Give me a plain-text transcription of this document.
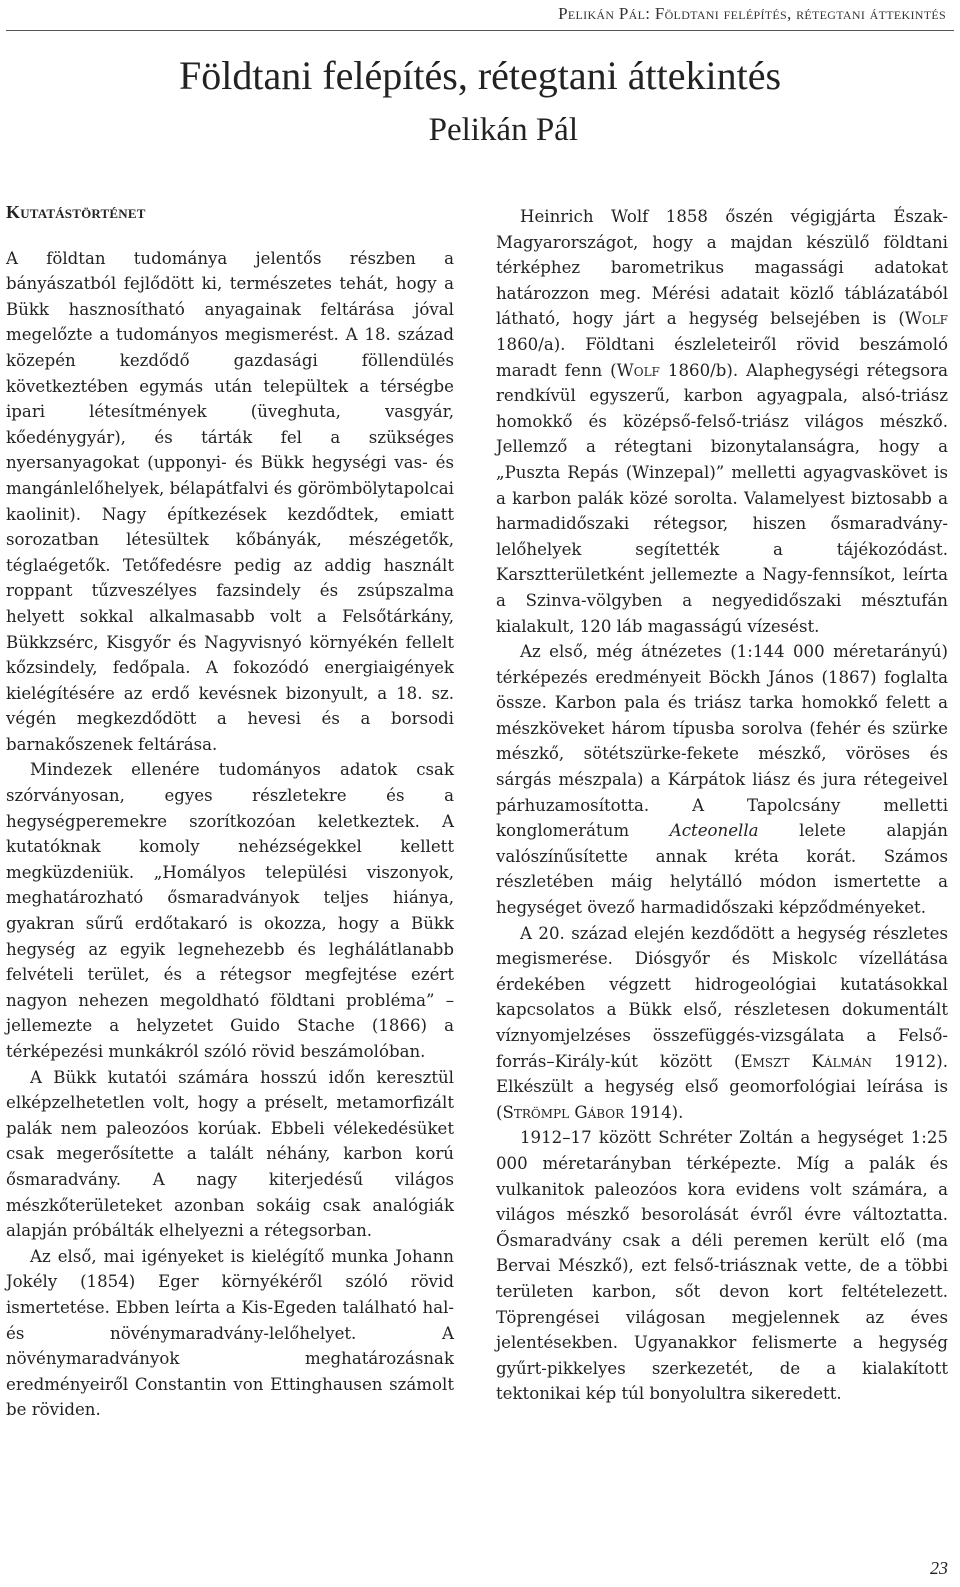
Pelikán Pál: Földtani felépítés, rétegtani áttekintés
Földtani felépítés, rétegtani áttekintés
Pelikán Pál
Kutatástörténet

A földtan tudománya jelentős részben a bányászatból fejlődött ki, természetes tehát, hogy a Bükk hasznosítható anyagainak feltárása jóval megelőzte a tudományos megismerést. A 18. század közepén kezdődő gazdasági föllendülés következtében egymás után települtek a térségbe ipari létesítmények (üveghuta, vasgyár, kőedénygyár), és tárták fel a szükséges nyersanyagokat (upponyi- és Bükk hegységi vas- és mangánlelőhelyek, bélapátfalvi és görömbölytapolcai kaolinit). Nagy építkezések kezdődtek, emiatt sorozatban létesültek kőbányák, mészégetők, téglaégetők. Tetőfedésre pedig az addig használt roppant tűzveszélyes fazsindely és zsúpszalma helyett sokkal alkalmasabb volt a Felsőtárkány, Bükkzsérc, Kisgyőr és Nagyvisnyó környékén fellelt kőzsindely, fedőpala. A fokozódó energiaigények kielégítésére az erdő kevésnek bizonyult, a 18. sz. végén megkezdődött a hevesi és a borsodi barnakőszenek feltárása.

Mindezek ellenére tudományos adatok csak szórványosan, egyes részletekre és a hegységperemekre szorítkozóan keletkeztek. A kutatóknak komoly nehézségekkel kellett megküzdeniük. „Homályos települési viszonyok, meghatározható ősmaradványok teljes hiánya, gyakran sűrű erdőtakaró is okozza, hogy a Bükk hegység az egyik legnehezebb és leghálátlanabb felvételi terület, és a rétegsor megfejtése ezért nagyon nehezen megoldható földtani probléma” – jellemezte a helyzetet Guido Stache (1866) a térképezési munkákról szóló rövid beszámolóban.

A Bükk kutatói számára hosszú időn keresztül elképzelhetetlen volt, hogy a préselt, metamorfizált palák nem paleozóos korúak. Ebbeli vélekedésüket csak megerősítette a talált néhány, karbon korú ősmaradvány. A nagy kiterjedésű világos mészkőterületeket azonban sokáig csak analógiák alapján próbálták elhelyezni a rétegsorban.

Az első, mai igényeket is kielégítő munka Johann Jokély (1854) Eger környékéről szóló rövid ismertetése. Ebben leírta a Kis-Egeden található hal- és növénymaradvány-lelőhelyet. A növénymaradványok meghatározásnak eredményeiről Constantin von Ettinghausen számolt be röviden.

Heinrich Wolf 1858 őszén végigjárta Észak-Magyarországot, hogy a majdan készülő földtani térképhez barometrikus magassági adatokat határozzon meg. Mérési adatait közlő táblázatából látható, hogy járt a hegység belsejében is (Wolf 1860/a). Földtani észleleteiről rövid beszámoló maradt fenn (Wolf 1860/b). Alaphegységi rétegsora rendkívül egyszerű, karbon agyagpala, alsó-triász homokkő és középső-felső-triász világos mészkő. Jellemző a rétegtani bizonytalanságra, hogy a „Puszta Repás (Winzepal)” melletti agyagvaskövet is a karbon palák közé sorolta. Valamelyest biztosabb a harmadidőszaki rétegsor, hiszen ősmaradvány-lelőhelyek segítették a tájékozódást. Karsztterületként jellemezte a Nagy-fennsíkot, leírta a Szinva-völgyben a negyedidőszaki mésztufán kialakult, 120 láb magasságú vízesést.

Az első, még átnézetes (1:144 000 méretarányú) térképezés eredményeit Böckh János (1867) foglalta össze. Karbon pala és triász tarka homokkő felett a mészköveket három típusba sorolva (fehér és szürke mészkő, sötétszürke-fekete mészkő, vöröses és sárgás mészpala) a Kárpátok liász és jura rétegeivel párhuzamosította. A Tapolcsány melletti konglomerátum Acteonella lelete alapján valószínűsítette annak kréta korát. Számos részletében máig helytálló módon ismertette a hegységet övező harmadidőszaki képződményeket.

A 20. század elején kezdődött a hegység részletes megismerése. Diósgyőr és Miskolc vízellátása érdekében végzett hidrogeológiai kutatásokkal kapcsolatos a Bükk első, részletesen dokumentált víznyomjelzéses összefüggés-vizsgálata a Felső-forrás–Király-kút között (Emszt Kálmán 1912). Elkészült a hegység első geomorfológiai leírása is (Strömpl Gábor 1914).

1912–17 között Schréter Zoltán a hegységet 1:25 000 méretarányban térképezte. Míg a palák és vulkanitok paleozóos kora evidens volt számára, a világos mészkő besorolását évről évre változtatta. Ősmaradvány csak a déli peremen került elő (ma Bervai Mészkő), ezt felső-triásznak vette, de a többi területen karbon, sőt devon kort feltételezett. Töprengései világosan megjelennek az éves jelentésekben. Ugyanakkor felismerte a hegység gyűrt-pikkelyes szerkezetét, de a kialakított tektonikai kép túl bonyolultra sikeredett.

23
